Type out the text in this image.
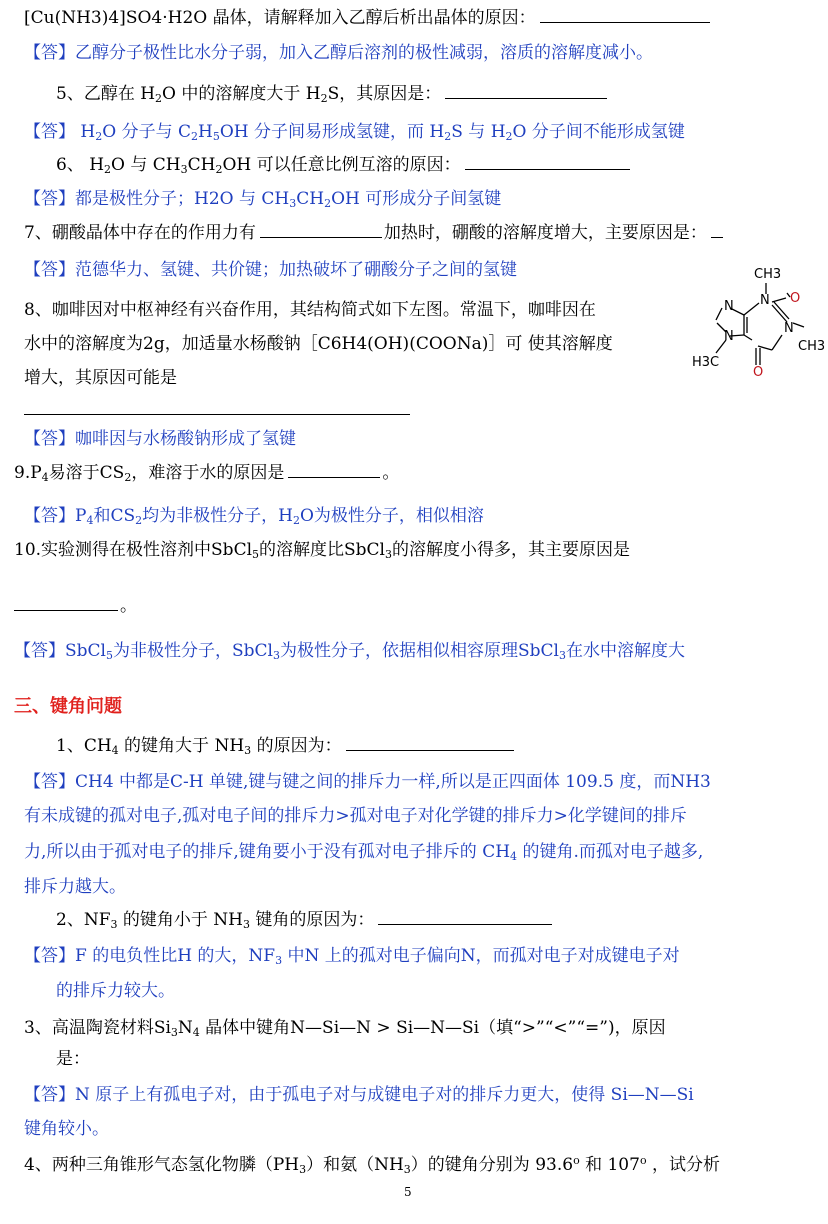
[Cu(NH3)4]SO4·H2O 晶体，请解释加入乙醇后析出晶体的原因：
【答】乙醇分子极性比水分子弱，加入乙醇后溶剂的极性减弱，溶质的溶解度减小。
5、乙醇在 $H_2O$ 中的溶解度大于 $H_2S$，其原因是：
【答】 $H_2O$ 分子与 $C_2H_5OH$ 分子间易形成氢键，而 $H_2S$ 与 $H_2O$ 分子间不能形成氢键
6、 $H_2O$ 与 $CH_3CH_2OH$ 可以任意比例互溶的原因：
【答】都是极性分子；H2O 与 $CH_3CH_2OH$ 可形成分子间氢键
7、硼酸晶体中存在的作用力有	加热时，硼酸的溶解度增大，主要原因是：
【答】范德华力、氢键、共价键；加热破坏了硼酸分子之间的氢键
8、咖啡因对中枢神经有兴奋作用，其结构简式如下左图。常温下，咖啡因在
水中的溶解度为2g，加适量水杨酸钠［C6H4(OH)(COONa)］可 使其溶解度
增大，其原因可能是
【答】咖啡因与水杨酸钠形成了氢键
CH3
N O
N
N
CH3
N
H3C
O
$9.P_4$易溶于$CS_2$，难溶于水的原因是	。
【答】$P_4$和$CS_2$均为非极性分子，$H_2O$为极性分子，相似相溶
10.实验测得在极性溶剂中SbCl$_5$的溶解度比SbCl$_3$的溶解度小得多，其主要原因是
。
【答】SbCl$_5$为非极性分子，SbCl$_3$为极性分子，依据相似相容原理SbCl$_3$在水中溶解度大
三、键角问题
1、$CH_4$ 的键角大于 $NH_3$ 的原因为：
【答】CH4 中都是C-H 单键,键与键之间的排斥力一样,所以是正四面体 109.5 度，而NH3
有未成键的孤对电子,孤对电子间的排斥力>孤对电子对化学键的排斥力>化学键间的排斥
力,所以由于孤对电子的排斥,键角要小于没有孤对电子排斥的 $CH_4$ 的键角.而孤对电子越多,
排斥力越大。
2、$NF_3$ 的键角小于 $NH_3$ 键角的原因为：
【答】F 的电负性比H 的大，$NF_3$ 中N 上的孤对电子偏向N，而孤对电子对成键电子对
的排斥力较大。
3、高温陶瓷材料$Si_3N_4$ 晶体中键角N—Si—N > Si—N—Si（填“>”“<”“=”)，原因
是：
【答】N 原子上有孤电子对，由于孤电子对与成键电子对的排斥力更大，使得 Si—N—Si
键角较小。
4、两种三角锥形气态氢化物膦$(PH_3)$和氨$(NH_3)$的键角分别为 93.6$^o$ 和 107$^o$ ，试分析
5
